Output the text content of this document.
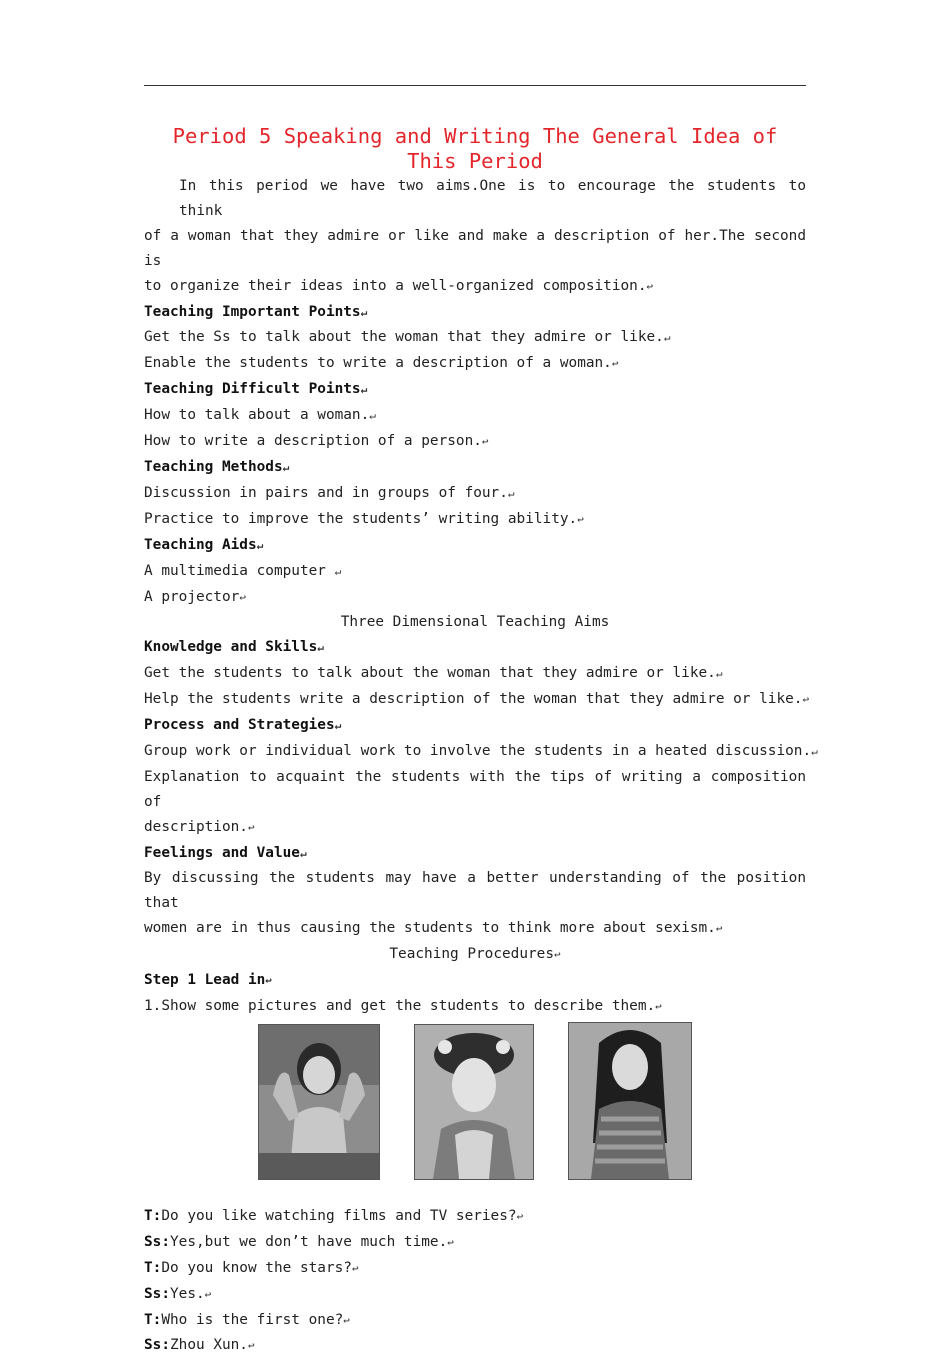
Period 5 Speaking and Writing The General Idea of This Period
In this period we have two aims.One is to encourage the students to think
of a woman that they admire or like and make a description of her.The second is
to organize their ideas into a well-organized composition.↩
Teaching Important Points↵
Get the Ss to talk about the woman that they admire or like.↵
Enable the students to write a description of a woman.↩
Teaching Difficult Points↵
How to talk about a woman.↵
How to write a description of a person.↩
Teaching Methods↵
Discussion in pairs and in groups of four.↵
Practice to improve the students’ writing ability.↩
Teaching Aids↵
A multimedia computer ↵
A projector↩
Three Dimensional Teaching Aims
Knowledge and Skills↵
Get the students to talk about the woman that they admire or like.↵
Help the students write a description of the woman that they admire or like.↩
Process and Strategies↵
Group work or individual work to involve the students in a heated discussion.↵
Explanation to acquaint the students with the tips of writing a composition of
description.↩
Feelings and Value↵
By discussing the students may have a better understanding of the position that
women are in thus causing the students to think more about sexism.↩
Teaching Procedures↩
Step 1 Lead in↩
1.Show some pictures and get the students to describe them.↩
T:Do you like watching films and TV series?↩
Ss:Yes,but we don’t have much time.↩
T:Do you know the stars?↩
Ss:Yes.↩
T:Who is the first one?↩
Ss:Zhou Xun.↩
